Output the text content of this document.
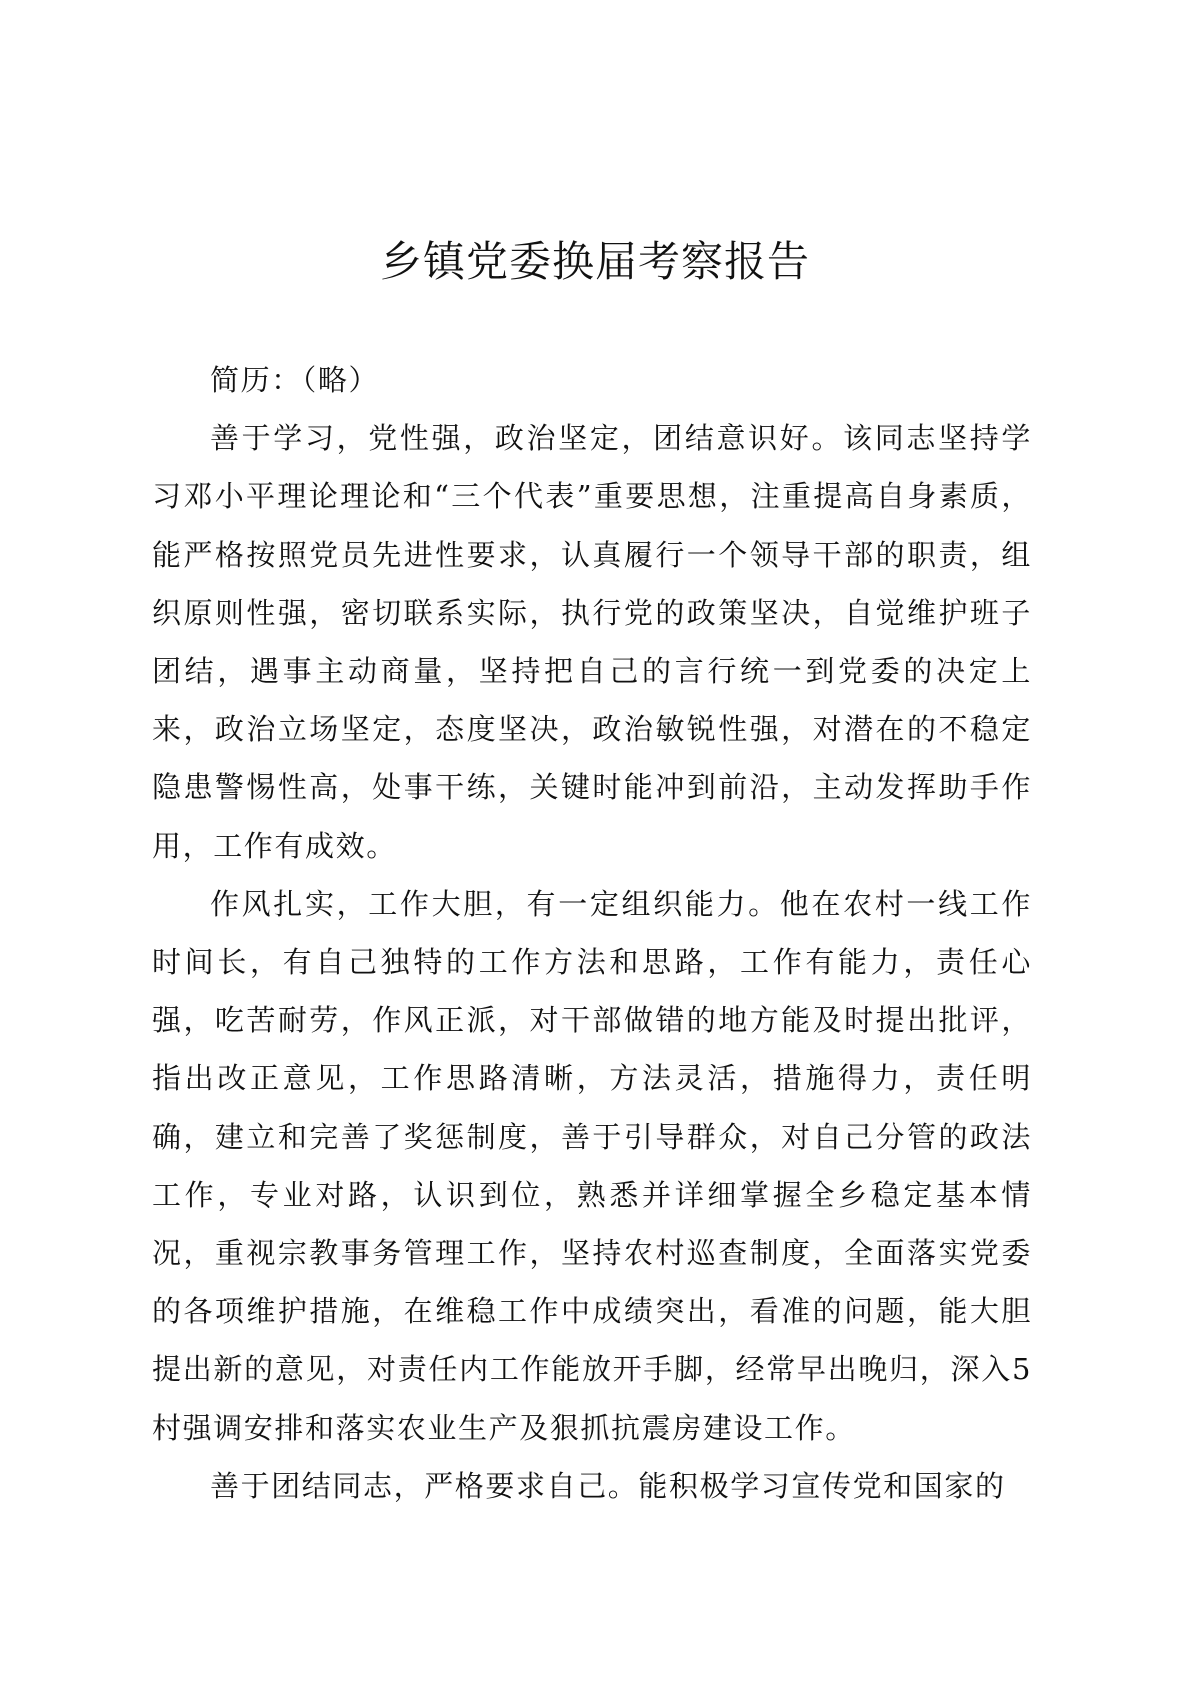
乡镇党委换届考察报告

简历：（略）

善于学习，党性强，政治坚定，团结意识好。该同志坚持学习邓小平理论理论和“三个代表”重要思想，注重提高自身素质，能严格按照党员先进性要求，认真履行一个领导干部的职责，组织原则性强，密切联系实际，执行党的政策坚决，自觉维护班子团结，遇事主动商量，坚持把自己的言行统一到党委的决定上来，政治立场坚定，态度坚决，政治敏锐性强，对潜在的不稳定隐患警惕性高，处事干练，关键时能冲到前沿，主动发挥助手作用，工作有成效。

作风扎实，工作大胆，有一定组织能力。他在农村一线工作时间长，有自己独特的工作方法和思路，工作有能力，责任心强，吃苦耐劳，作风正派，对干部做错的地方能及时提出批评，指出改正意见，工作思路清晰，方法灵活，措施得力，责任明确，建立和完善了奖惩制度，善于引导群众，对自己分管的政法工作，专业对路，认识到位，熟悉并详细掌握全乡稳定基本情况，重视宗教事务管理工作，坚持农村巡查制度，全面落实党委的各项维护措施，在维稳工作中成绩突出，看准的问题，能大胆提出新的意见，对责任内工作能放开手脚，经常早出晚归，深入5村强调安排和落实农业生产及狠抓抗震房建设工作。

善于团结同志，严格要求自己。能积极学习宣传党和国家的
